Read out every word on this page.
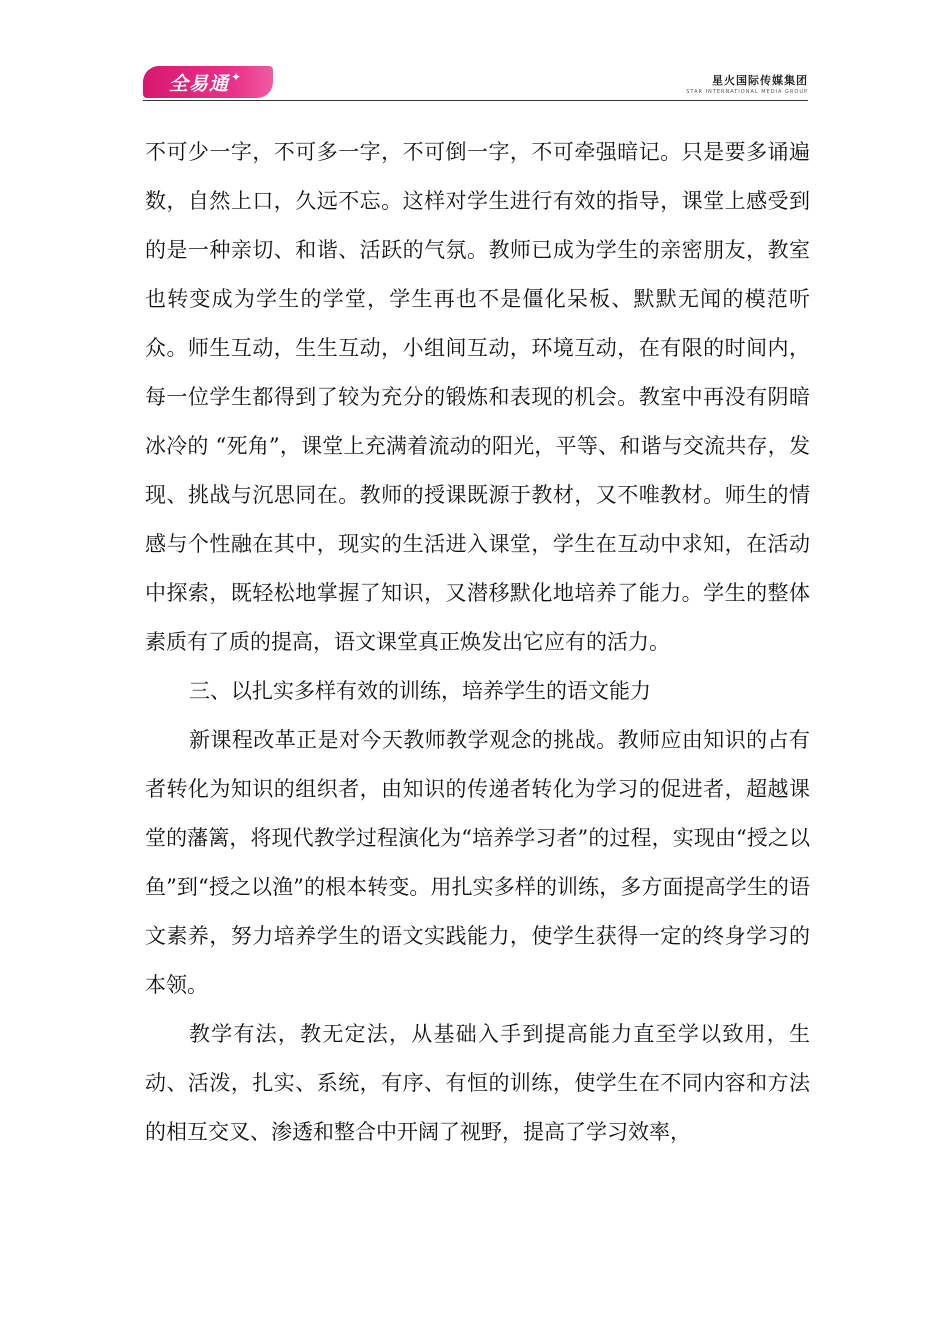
全易通 ✦	星火国际传媒集团
STAR INTERNATIONAL MEDIA GROUP

不可少一字，不可多一字，不可倒一字，不可牵强暗记。只是要多诵遍数，自然上口，久远不忘。这样对学生进行有效的指导，课堂上感受到的是一种亲切、和谐、活跃的气氛。教师已成为学生的亲密朋友，教室也转变成为学生的学堂，学生再也不是僵化呆板、默默无闻的模范听众。师生互动，生生互动，小组间互动，环境互动，在有限的时间内，每一位学生都得到了较为充分的锻炼和表现的机会。教室中再没有阴暗冰冷的 “死角”，课堂上充满着流动的阳光，平等、和谐与交流共存，发现、挑战与沉思同在。教师的授课既源于教材，又不唯教材。师生的情感与个性融在其中，现实的生活进入课堂，学生在互动中求知，在活动中探索，既轻松地掌握了知识，又潜移默化地培养了能力。学生的整体素质有了质的提高，语文课堂真正焕发出它应有的活力。

三、以扎实多样有效的训练，培养学生的语文能力

新课程改革正是对今天教师教学观念的挑战。教师应由知识的占有者转化为知识的组织者，由知识的传递者转化为学习的促进者，超越课堂的藩篱，将现代教学过程演化为“培养学习者”的过程，实现由“授之以鱼”到“授之以渔”的根本转变。用扎实多样的训练，多方面提高学生的语文素养，努力培养学生的语文实践能力，使学生获得一定的终身学习的本领。

教学有法，教无定法，从基础入手到提高能力直至学以致用，生动、活泼，扎实、系统，有序、有恒的训练，使学生在不同内容和方法的相互交叉、渗透和整合中开阔了视野，提高了学习效率，
